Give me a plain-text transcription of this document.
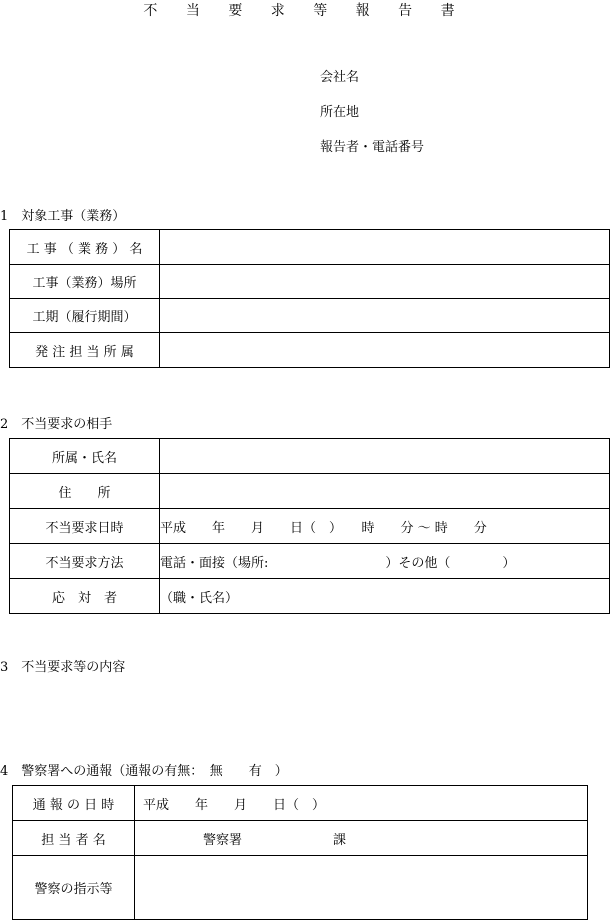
不 当 要 求 等 報 告 書
会社名
所在地
報告者・電話番号
1　対象工事（業務）
工 事 （ 業 務 ） 名	
工事（業務）場所	
工期（履行期間）	
発 注 担 当 所 属	
2　不当要求の相手
所属・氏名	
住　　所	
不当要求日時	平成　　年　　月　　日（　）　　時　　分 ～ 時　　分
不当要求方法	電話・面接（場所:　　　　　　　　　）その他（　　　　）
応　対　者	（職・氏名）
3　不当要求等の内容
4　警察署への通報（通報の有無：　無　　有　）
通 報 の 日 時	平成　　年　　月　　日（　）
担 当 者 名	警察署　　　　　　　課
警察の指示等	
